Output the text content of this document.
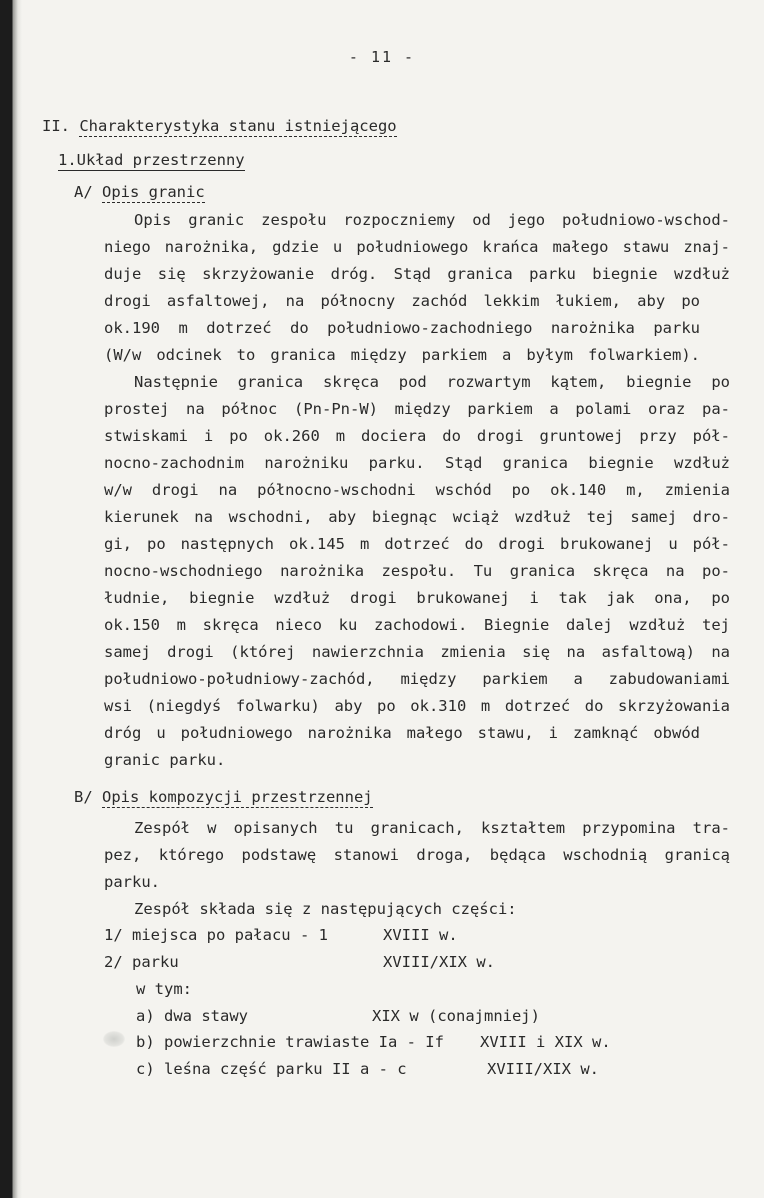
- 11 -
II. Charakterystyka stanu istniejącego
1.Układ przestrzenny
A/ Opis granic
Opis granic zespołu rozpoczniemy od jego południowo-wschod-
niego narożnika, gdzie u południowego krańca małego stawu znaj-
duje się skrzyżowanie dróg. Stąd granica parku biegnie wzdłuż
drogi asfaltowej, na północny zachód lekkim łukiem, aby po
ok.190 m dotrzeć do południowo-zachodniego narożnika parku
(W/w odcinek to granica między parkiem a byłym folwarkiem).
Następnie granica skręca pod rozwartym kątem, biegnie po
prostej na północ (Pn-Pn-W) między parkiem a polami oraz pa-
stwiskami i po ok.260 m dociera do drogi gruntowej przy pół-
nocno-zachodnim narożniku parku. Stąd granica biegnie wzdłuż
w/w drogi na północno-wschodni wschód po ok.140 m, zmienia
kierunek na wschodni, aby biegnąc wciąż wzdłuż tej samej dro-
gi, po następnych ok.145 m dotrzeć do drogi brukowanej u pół-
nocno-wschodniego narożnika zespołu. Tu granica skręca na po-
łudnie, biegnie wzdłuż drogi brukowanej i tak jak ona, po
ok.150 m skręca nieco ku zachodowi. Biegnie dalej wzdłuż tej
samej drogi (której nawierzchnia zmienia się na asfaltową) na
południowo-południowy-zachód, między parkiem a zabudowaniami
wsi (niegdyś folwarku) aby po ok.310 m dotrzeć do skrzyżowania
dróg u południowego narożnika małego stawu, i zamknąć obwód
granic parku.
B/ Opis kompozycji przestrzennej
Zespół w opisanych tu granicach, kształtem przypomina tra-
pez, którego podstawę stanowi droga, będąca wschodnią granicą
parku.
Zespół składa się z następujących części:
1/ miejsca po pałacu - 1	XVIII w.
2/ parku	XVIII/XIX w.
w tym:
a) dwa stawy	XIX w (conajmniej)
b) powierzchnie trawiaste Ia - If XVIII i XIX w.
c) leśna część parku II a - c	XVIII/XIX w.
